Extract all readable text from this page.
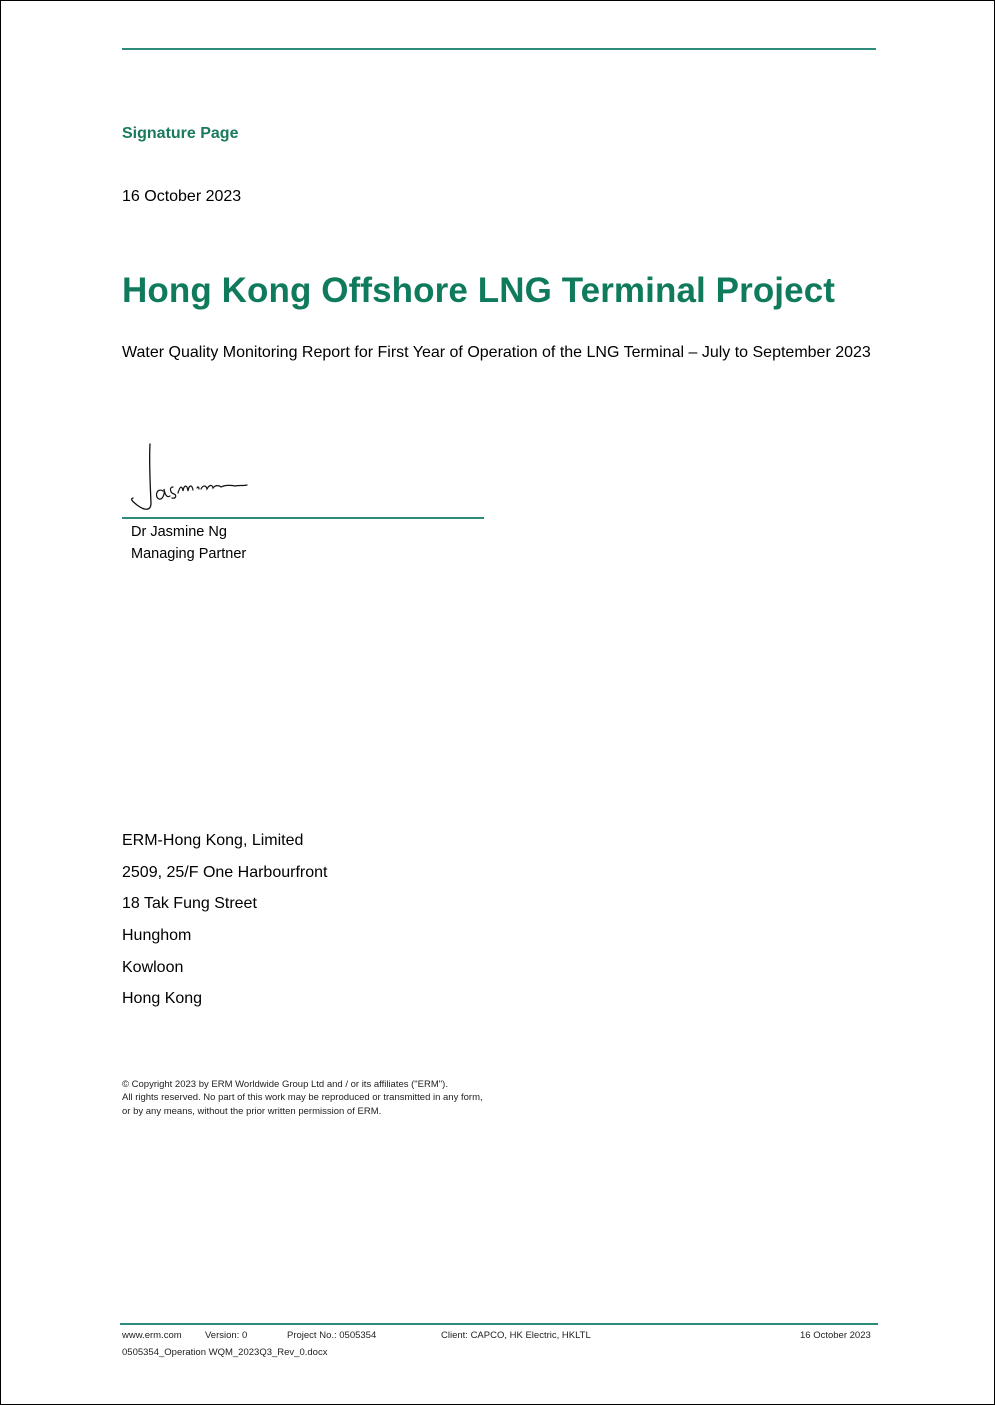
Signature Page
16 October 2023
Hong Kong Offshore LNG Terminal Project
Water Quality Monitoring Report for First Year of Operation of the LNG Terminal – July to September 2023
Dr Jasmine Ng
Managing Partner
ERM-Hong Kong, Limited
2509, 25/F One Harbourfront
18 Tak Fung Street
Hunghom
Kowloon
Hong Kong
© Copyright 2023 by ERM Worldwide Group Ltd and / or its affiliates ("ERM").
All rights reserved. No part of this work may be reproduced or transmitted in any form,
or by any means, without the prior written permission of ERM.
www.erm.com Version: 0	Project No.: 0505354	Client: CAPCO, HK Electric, HKLTL	16 October 2023
0505354_Operation WQM_2023Q3_Rev_0.docx
